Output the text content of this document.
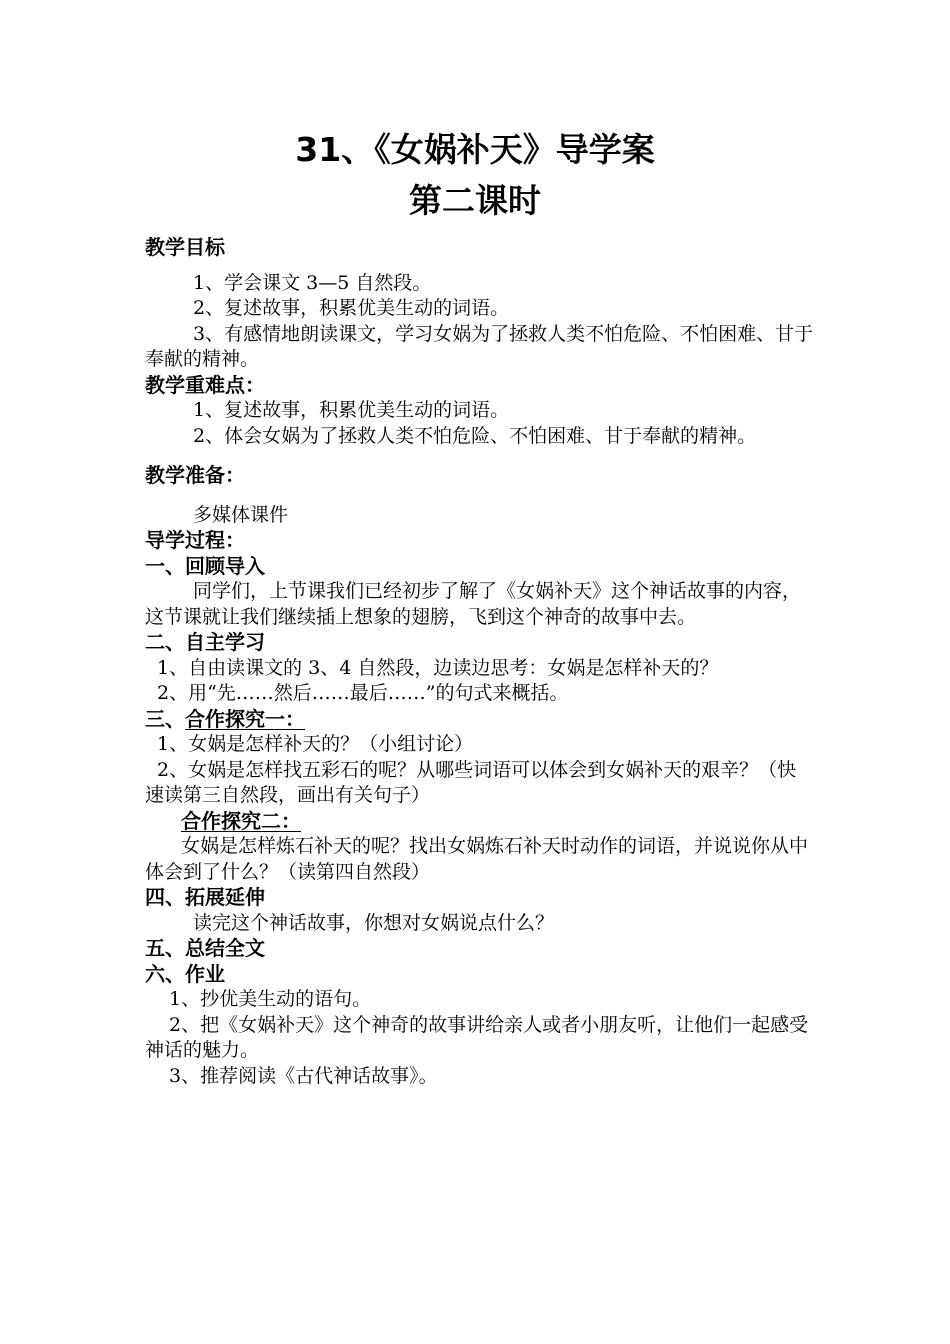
31、《女娲补天》导学案
第二课时

教学目标

1、学会课文 3—5 自然段。

2、复述故事，积累优美生动的词语。

3、有感情地朗读课文，学习女娲为了拯救人类不怕危险、不怕困难、甘于奉献的精神。

教学重难点：

1、复述故事，积累优美生动的词语。

2、体会女娲为了拯救人类不怕危险、不怕困难、甘于奉献的精神。

教学准备：

多媒体课件

导学过程：

一、回顾导入

同学们，上节课我们已经初步了解了《女娲补天》这个神话故事的内容，这节课就让我们继续插上想象的翅膀，飞到这个神奇的故事中去。

二、自主学习

1、自由读课文的 3、4 自然段，边读边思考：女娲是怎样补天的？

2、用“先……然后……最后……”的句式来概括。

三、合作探究一：

1、女娲是怎样补天的？（小组讨论）

2、女娲是怎样找五彩石的呢？从哪些词语可以体会到女娲补天的艰辛？（快速读第三自然段，画出有关句子）

合作探究二：

女娲是怎样炼石补天的呢？找出女娲炼石补天时动作的词语，并说说你从中体会到了什么？（读第四自然段）

四、拓展延伸

读完这个神话故事，你想对女娲说点什么？

五、总结全文

六、作业

1、抄优美生动的语句。

2、把《女娲补天》这个神奇的故事讲给亲人或者小朋友听，让他们一起感受神话的魅力。

3、推荐阅读《古代神话故事》。
